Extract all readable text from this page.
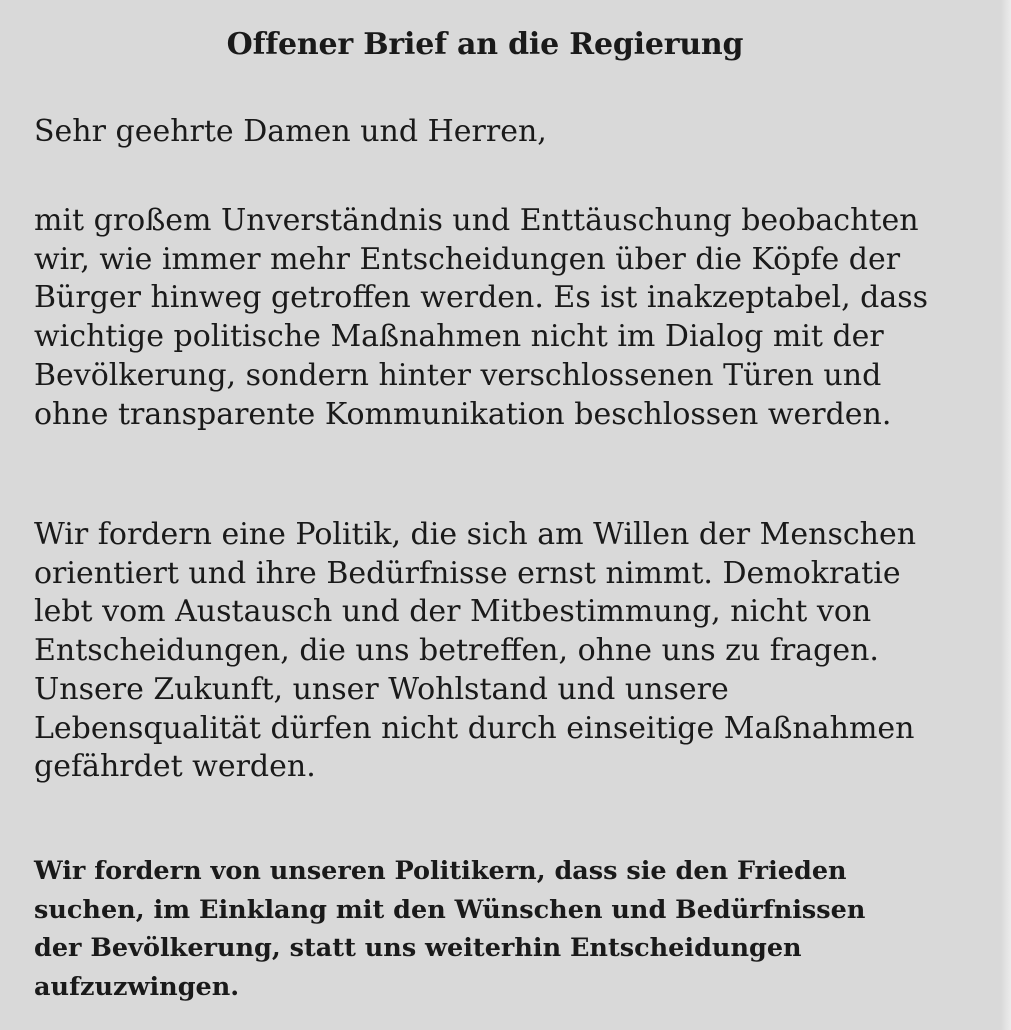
Offener Brief an die Regierung
Sehr geehrte Damen und Herren,
mit großem Unverständnis und Enttäuschung beobachten
wir, wie immer mehr Entscheidungen über die Köpfe der
Bürger hinweg getroffen werden. Es ist inakzeptabel, dass
wichtige politische Maßnahmen nicht im Dialog mit der
Bevölkerung, sondern hinter verschlossenen Türen und
ohne transparente Kommunikation beschlossen werden.
Wir fordern eine Politik, die sich am Willen der Menschen
orientiert und ihre Bedürfnisse ernst nimmt. Demokratie
lebt vom Austausch und der Mitbestimmung, nicht von
Entscheidungen, die uns betreffen, ohne uns zu fragen.
Unsere Zukunft, unser Wohlstand und unsere
Lebensqualität dürfen nicht durch einseitige Maßnahmen
gefährdet werden.
Wir fordern von unseren Politikern, dass sie den Frieden
suchen, im Einklang mit den Wünschen und Bedürfnissen
der Bevölkerung, statt uns weiterhin Entscheidungen
aufzuzwingen.
